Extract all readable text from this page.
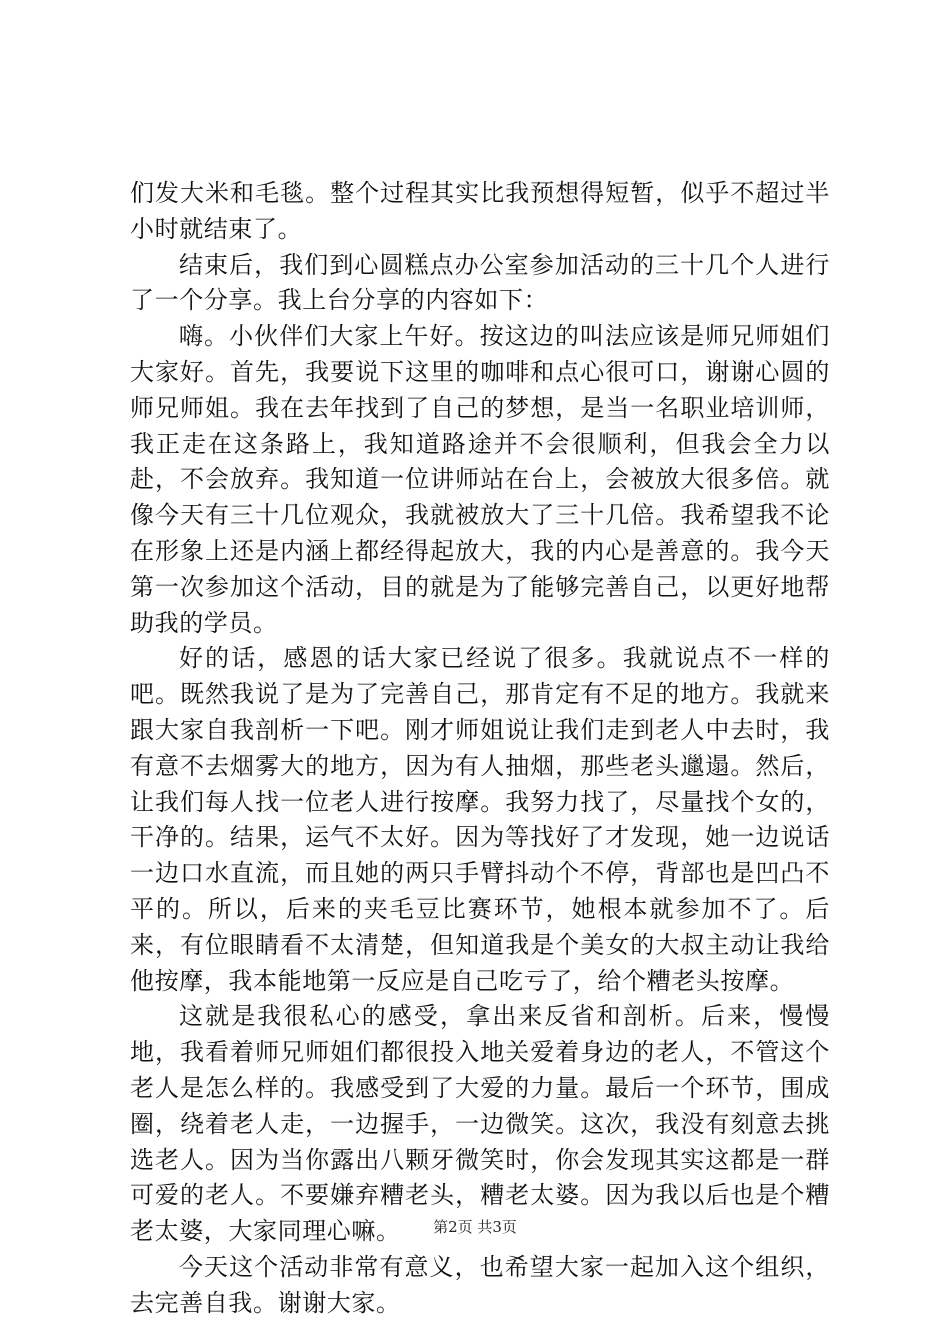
们发大米和毛毯。整个过程其实比我预想得短暂，似乎不超过半小时就结束了。

结束后，我们到心圆糕点办公室参加活动的三十几个人进行了一个分享。我上台分享的内容如下：

嗨。小伙伴们大家上午好。按这边的叫法应该是师兄师姐们大家好。首先，我要说下这里的咖啡和点心很可口，谢谢心圆的师兄师姐。我在去年找到了自己的梦想，是当一名职业培训师，我正走在这条路上，我知道路途并不会很顺利，但我会全力以赴，不会放弃。我知道一位讲师站在台上，会被放大很多倍。就像今天有三十几位观众，我就被放大了三十几倍。我希望我不论在形象上还是内涵上都经得起放大，我的内心是善意的。我今天第一次参加这个活动，目的就是为了能够完善自己，以更好地帮助我的学员。

好的话，感恩的话大家已经说了很多。我就说点不一样的吧。既然我说了是为了完善自己，那肯定有不足的地方。我就来跟大家自我剖析一下吧。刚才师姐说让我们走到老人中去时，我有意不去烟雾大的地方，因为有人抽烟，那些老头邋遢。然后，让我们每人找一位老人进行按摩。我努力找了，尽量找个女的，干净的。结果，运气不太好。因为等找好了才发现，她一边说话一边口水直流，而且她的两只手臂抖动个不停，背部也是凹凸不平的。所以，后来的夹毛豆比赛环节，她根本就参加不了。后来，有位眼睛看不太清楚，但知道我是个美女的大叔主动让我给他按摩，我本能地第一反应是自己吃亏了，给个糟老头按摩。

这就是我很私心的感受，拿出来反省和剖析。后来，慢慢地，我看着师兄师姐们都很投入地关爱着身边的老人，不管这个老人是怎么样的。我感受到了大爱的力量。最后一个环节，围成圈，绕着老人走，一边握手，一边微笑。这次，我没有刻意去挑选老人。因为当你露出八颗牙微笑时，你会发现其实这都是一群可爱的老人。不要嫌弃糟老头，糟老太婆。因为我以后也是个糟老太婆，大家同理心嘛。

今天这个活动非常有意义，也希望大家一起加入这个组织，去完善自我。谢谢大家。

第2页 共3页
